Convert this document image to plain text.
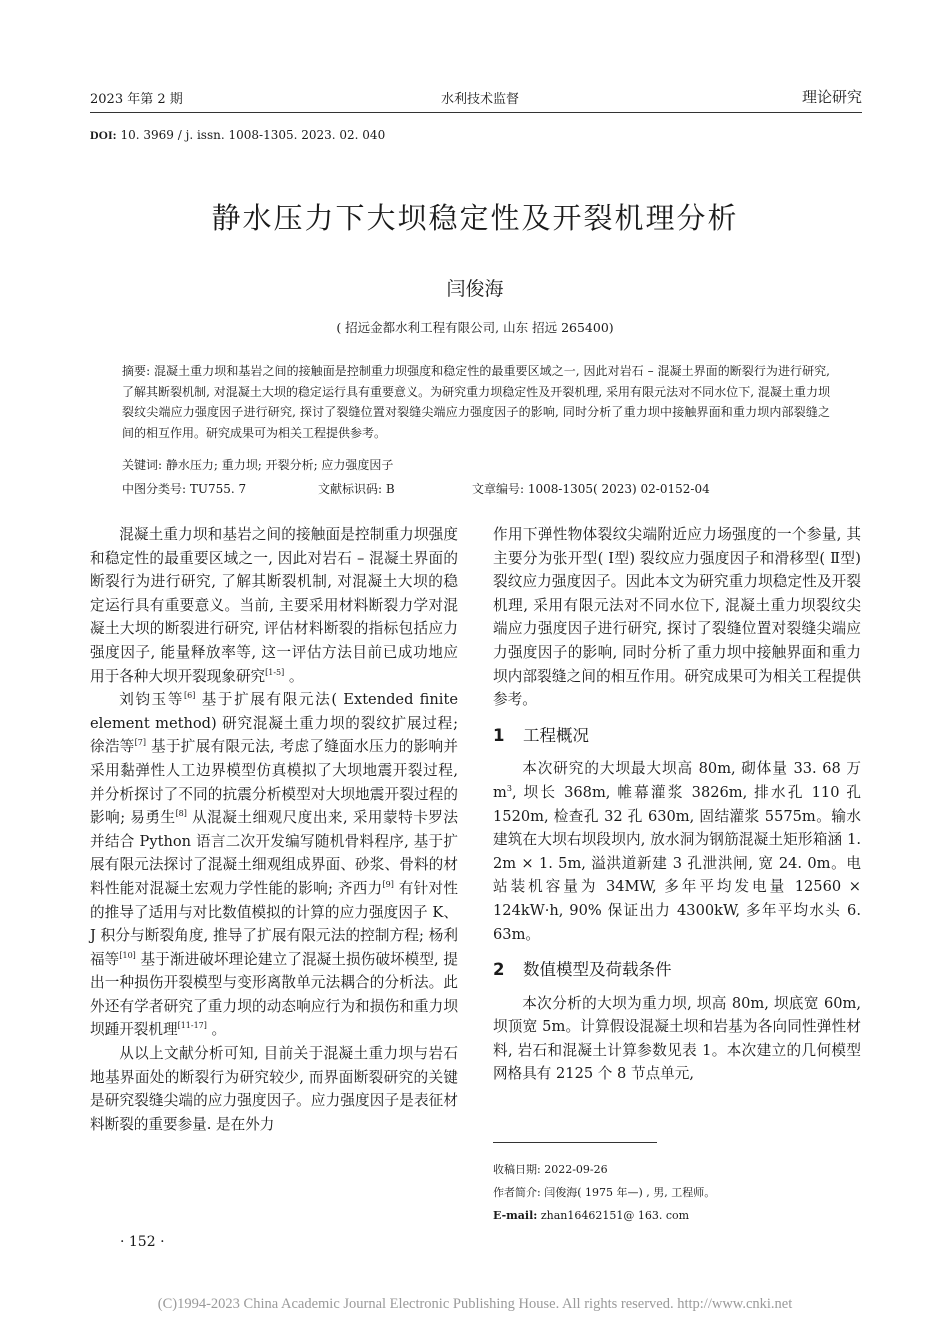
2023 年第 2 期	水利技术监督	理论研究
DOI: 10. 3969 / j. issn. 1008-1305. 2023. 02. 040
静水压力下大坝稳定性及开裂机理分析
闫俊海
( 招远金都水利工程有限公司, 山东 招远 265400)
摘要: 混凝土重力坝和基岩之间的接触面是控制重力坝强度和稳定性的最重要区域之一, 因此对岩石 – 混凝土界面的断裂行为进行研究, 了解其断裂机制, 对混凝土大坝的稳定运行具有重要意义。为研究重力坝稳定性及开裂机理, 采用有限元法对不同水位下, 混凝土重力坝裂纹尖端应力强度因子进行研究, 探讨了裂缝位置对裂缝尖端应力强度因子的影响, 同时分析了重力坝中接触界面和重力坝内部裂缝之间的相互作用。研究成果可为相关工程提供参考。
关键词: 静水压力; 重力坝; 开裂分析; 应力强度因子
中图分类号: TU755. 7	文献标识码: B	文章编号: 1008-1305( 2023) 02-0152-04

混凝土重力坝和基岩之间的接触面是控制重力坝强度和稳定性的最重要区域之一, 因此对岩石 – 混凝土界面的断裂行为进行研究, 了解其断裂机制, 对混凝土大坝的稳定运行具有重要意义。当前, 主要采用材料断裂力学对混凝土大坝的断裂进行研究, 评估材料断裂的指标包括应力强度因子, 能量释放率等, 这一评估方法目前已成功地应用于各种大坝开裂现象研究[1-5] 。

刘钧玉等[6] 基于扩展有限元法( Extended finite element method) 研究混凝土重力坝的裂纹扩展过程; 徐浩等[7] 基于扩展有限元法, 考虑了缝面水压力的影响并采用黏弹性人工边界模型仿真模拟了大坝地震开裂过程, 并分析探讨了不同的抗震分析模型对大坝地震开裂过程的影响; 易勇生[8] 从混凝土细观尺度出来, 采用蒙特卡罗法并结合 Python 语言二次开发编写随机骨料程序, 基于扩展有限元法探讨了混凝土细观组成界面、砂浆、骨料的材料性能对混凝土宏观力学性能的影响; 齐西力[9] 有针对性的推导了适用与对比数值模拟的计算的应力强度因子 K、J 积分与断裂角度, 推导了扩展有限元法的控制方程; 杨利福等[10] 基于渐进破坏理论建立了混凝土损伤破坏模型, 提出一种损伤开裂模型与变形离散单元法耦合的分析法。此外还有学者研究了重力坝的动态响应行为和损伤和重力坝坝踵开裂机理[11-17] 。

从以上文献分析可知, 目前关于混凝土重力坝与岩石地基界面处的断裂行为研究较少, 而界面断裂研究的关键是研究裂缝尖端的应力强度因子。应力强度因子是表征材料断裂的重要参量. 是在外力

作用下弹性物体裂纹尖端附近应力场强度的一个参量, 其主要分为张开型( Ⅰ型) 裂纹应力强度因子和滑移型( Ⅱ型) 裂纹应力强度因子。因此本文为研究重力坝稳定性及开裂机理, 采用有限元法对不同水位下, 混凝土重力坝裂纹尖端应力强度因子进行研究, 探讨了裂缝位置对裂缝尖端应力强度因子的影响, 同时分析了重力坝中接触界面和重力坝内部裂缝之间的相互作用。研究成果可为相关工程提供参考。

1 工程概况

本次研究的大坝最大坝高 80m, 砌体量 33. 68 万 $m^3$, 坝长 368m, 帷幕灌浆 3826m, 排水孔 110 孔 1520m, 检查孔 32 孔 630m, 固结灌浆 5575m。输水建筑在大坝右坝段坝内, 放水洞为钢筋混凝土矩形箱涵 1. 2m × 1. 5m, 溢洪道新建 3 孔泄洪闸, 宽 24. 0m。电站装机容量为 34MW, 多年平均发电量 12560 × 124kW·h, 90% 保证出力 4300kW, 多年平均水头 6. 63m。

2 数值模型及荷载条件

本次分析的大坝为重力坝, 坝高 80m, 坝底宽 60m, 坝顶宽 5m。计算假设混凝土坝和岩基为各向同性弹性材料, 岩石和混凝土计算参数见表 1。本次建立的几何模型网格具有 2125 个 8 节点单元,

收稿日期: 2022-09-26
作者简介: 闫俊海( 1975 年—) , 男, 工程师。
E-mail: zhan16462151@ 163. com
· 152 ·
(C)1994-2023 China Academic Journal Electronic Publishing House. All rights reserved. http://www.cnki.net
